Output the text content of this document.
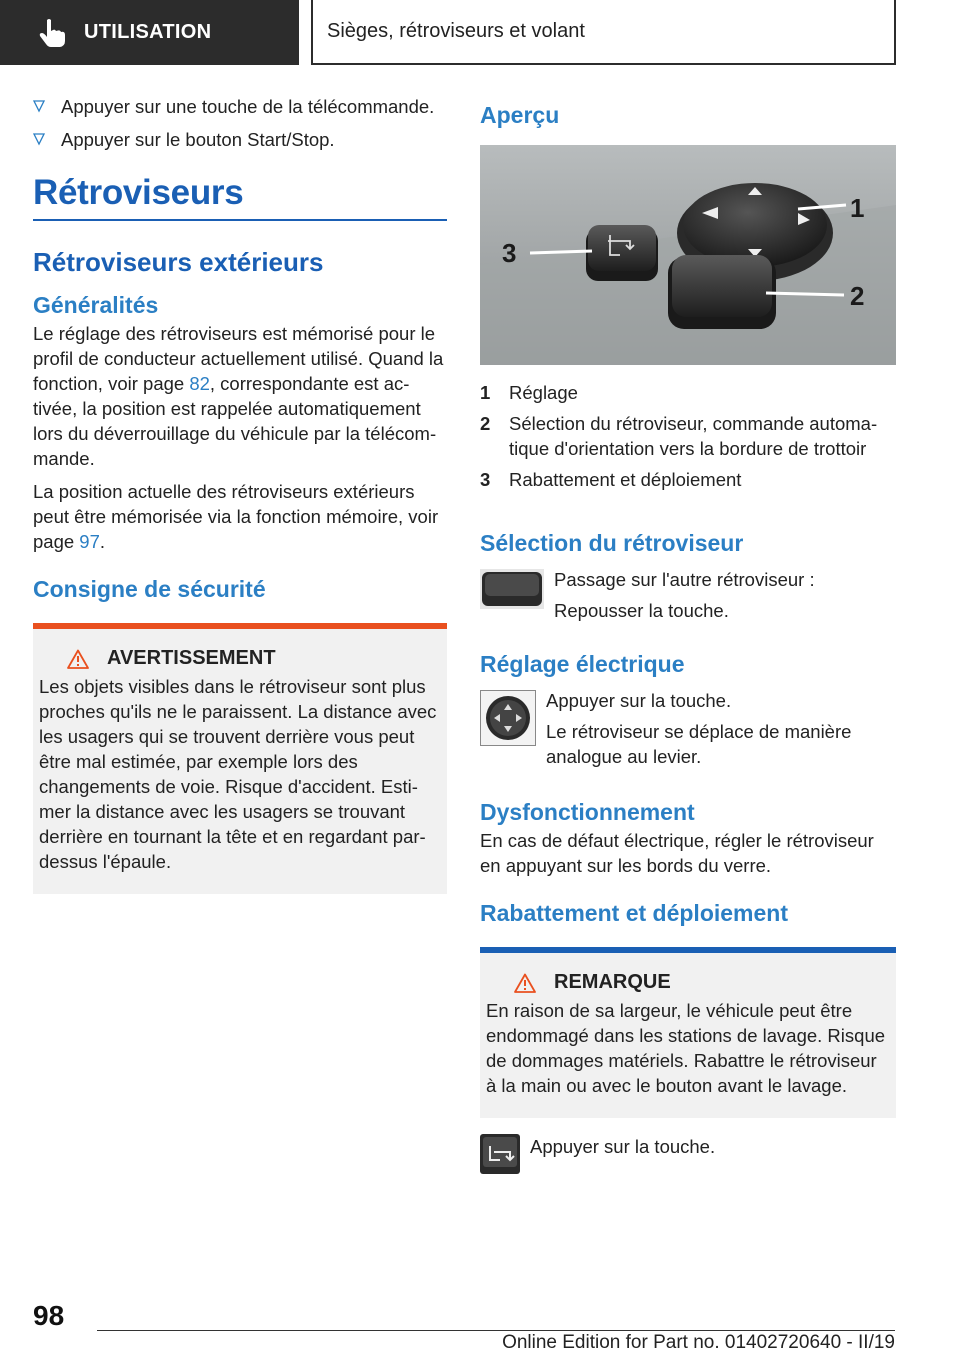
UTILISATION	Sièges, rétroviseurs et volant
Appuyer sur une touche de la télécommande.
Appuyer sur le bouton Start/Stop.
Rétroviseurs
Rétroviseurs extérieurs
Généralités

Le réglage des rétroviseurs est mémorisé pour le profil de conducteur actuellement utilisé. Quand la fonction, voir page 82, correspondante est activée, la position est rappelée automatiquement lors du déverrouillage du véhicule par la télécommande.

La position actuelle des rétroviseurs extérieurs peut être mémorisée via la fonction mémoire, voir page 97.

Consigne de sécurité
AVERTISSEMENT

Les objets visibles dans le rétroviseur sont plus proches qu'ils ne le paraissent. La distance avec les usagers qui se trouvent derrière vous peut être mal estimée, par exemple lors des changements de voie. Risque d'accident. Estimer la distance avec les usagers se trouvant derrière en tournant la tête et en regardant par-dessus l'épaule.

Aperçu
3
1
2
1	Réglage
2	Sélection du rétroviseur, commande automatique d'orientation vers la bordure de trottoir
3	Rabattement et déploiement
Sélection du rétroviseur

Passage sur l'autre rétroviseur :

Repousser la touche.

Réglage électrique

Appuyer sur la touche.

Le rétroviseur se déplace de manière analogue au levier.

Dysfonctionnement

En cas de défaut électrique, régler le rétroviseur en appuyant sur les bords du verre.

Rabattement et déploiement
REMARQUE

En raison de sa largeur, le véhicule peut être endommagé dans les stations de lavage. Risque de dommages matériels. Rabattre le rétroviseur à la main ou avec le bouton avant le lavage.

Appuyer sur la touche.

98
Online Edition for Part no. 01402720640 - II/19
